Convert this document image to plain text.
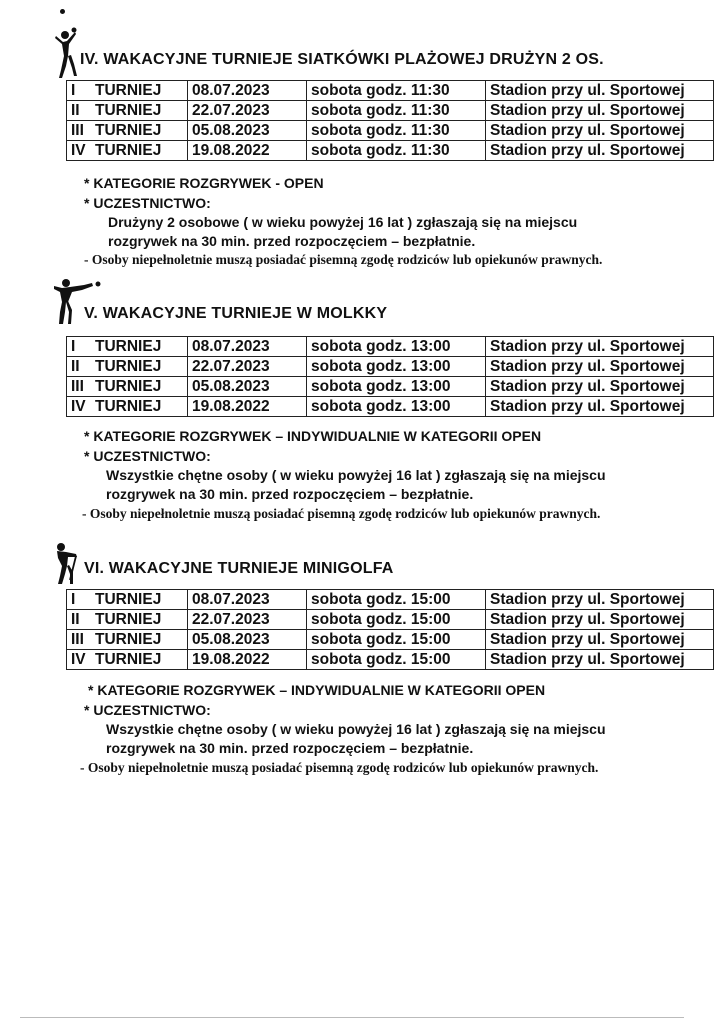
IV. WAKACYJNE TURNIEJE SIATKÓWKI PLAŻOWEJ DRUŻYN 2 OS.
I TURNIEJ	08.07.2023	sobota godz. 11:30	Stadion przy ul. Sportowej
II TURNIEJ	22.07.2023	sobota godz. 11:30	Stadion przy ul. Sportowej
III TURNIEJ	05.08.2023	sobota godz. 11:30	Stadion przy ul. Sportowej
IV TURNIEJ	19.08.2022	sobota godz. 11:30	Stadion przy ul. Sportowej
* KATEGORIE ROZGRYWEK - OPEN
* UCZESTNICTWO:
Drużyny 2 osobowe ( w wieku powyżej 16 lat ) zgłaszają się na miejscu
rozgrywek na 30 min. przed rozpoczęciem – bezpłatnie.
- Osoby niepełnoletnie muszą posiadać pisemną zgodę rodziców lub opiekunów prawnych.
V. WAKACYJNE TURNIEJE W MOLKKY
I TURNIEJ	08.07.2023	sobota godz. 13:00	Stadion przy ul. Sportowej
II TURNIEJ	22.07.2023	sobota godz. 13:00	Stadion przy ul. Sportowej
III TURNIEJ	05.08.2023	sobota godz. 13:00	Stadion przy ul. Sportowej
IV TURNIEJ	19.08.2022	sobota godz. 13:00	Stadion przy ul. Sportowej
* KATEGORIE ROZGRYWEK – INDYWIDUALNIE W KATEGORII OPEN
* UCZESTNICTWO:
Wszystkie chętne osoby ( w wieku powyżej 16 lat ) zgłaszają się na miejscu
rozgrywek na 30 min. przed rozpoczęciem – bezpłatnie.
- Osoby niepełnoletnie muszą posiadać pisemną zgodę rodziców lub opiekunów prawnych.
VI. WAKACYJNE TURNIEJE MINIGOLFA
I TURNIEJ	08.07.2023	sobota godz. 15:00	Stadion przy ul. Sportowej
II TURNIEJ	22.07.2023	sobota godz. 15:00	Stadion przy ul. Sportowej
III TURNIEJ	05.08.2023	sobota godz. 15:00	Stadion przy ul. Sportowej
IV TURNIEJ	19.08.2022	sobota godz. 15:00	Stadion przy ul. Sportowej
* KATEGORIE ROZGRYWEK – INDYWIDUALNIE W KATEGORII OPEN
* UCZESTNICTWO:
Wszystkie chętne osoby ( w wieku powyżej 16 lat ) zgłaszają się na miejscu
rozgrywek na 30 min. przed rozpoczęciem – bezpłatnie.
- Osoby niepełnoletnie muszą posiadać pisemną zgodę rodziców lub opiekunów prawnych.
